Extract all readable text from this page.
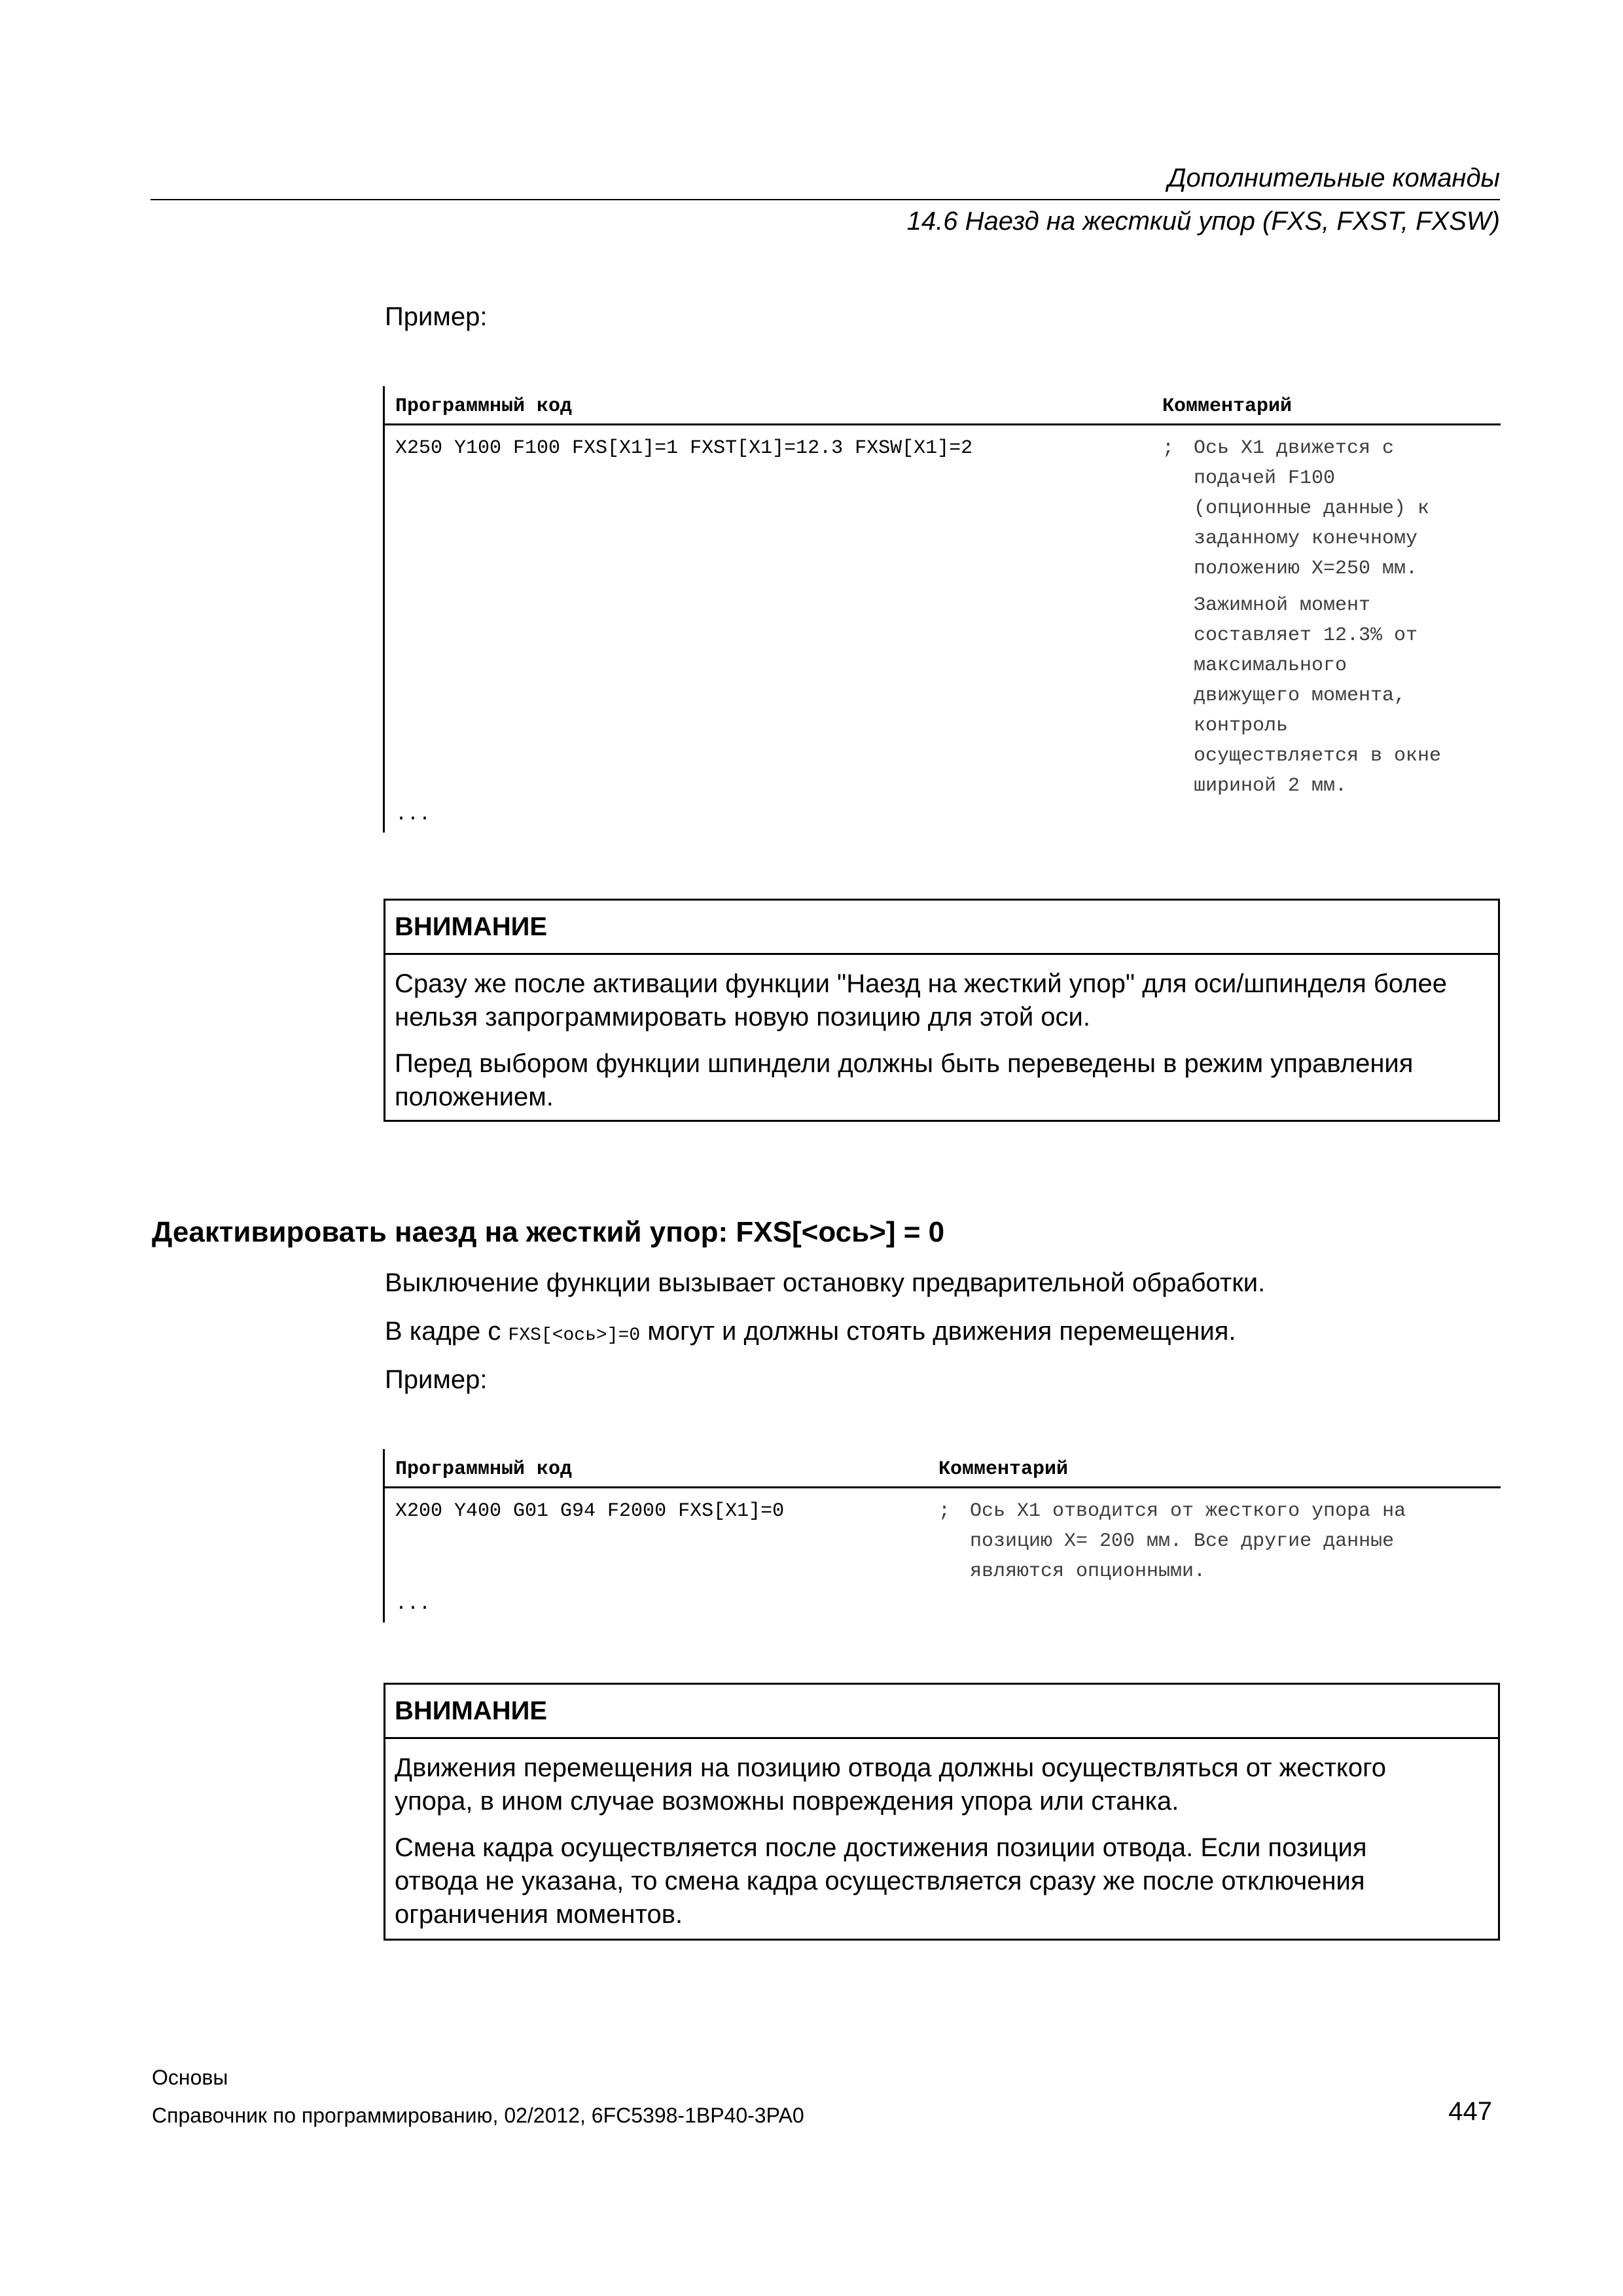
Дополнительные команды
14.6 Наезд на жесткий упор (FXS, FXST, FXSW)
Пример:
Программный код	Комментарий
X250 Y100 F100 FXS[X1]=1 FXST[X1]=12.3 FXSW[X1]=2	; Ось X1 движется с
подачей F100
(опционные данные) к
заданному конечному
положению X=250 мм.
Зажимной момент
составляет 12.3% от
максимального
движущего момента,
контроль
осуществляется в окне
шириной 2 мм.
...
ВНИМАНИЕ
Сразу же после активации функции "Наезд на жесткий упор" для оси/шпинделя более
нельзя запрограммировать новую позицию для этой оси.
Перед выбором функции шпиндели должны быть переведены в режим управления
положением.
Деактивировать наезд на жесткий упор: FXS[<ось>] = 0
Выключение функции вызывает остановку предварительной обработки.
В кадре с FXS[<ось>]=0 могут и должны стоять движения перемещения.
Пример:
Программный код	Комментарий
X200 Y400 G01 G94 F2000 FXS[X1]=0	; Ось X1 отводится от жесткого упора на
позицию X= 200 мм. Все другие данные
являются опционными.
...
ВНИМАНИЕ
Движения перемещения на позицию отвода должны осуществляться от жесткого
упора, в ином случае возможны повреждения упора или станка.
Смена кадра осуществляется после достижения позиции отвода. Если позиция
отвода не указана, то смена кадра осуществляется сразу же после отключения
ограничения моментов.
Основы
Справочник по программированию, 02/2012, 6FC5398-1BP40-3PA0	447
